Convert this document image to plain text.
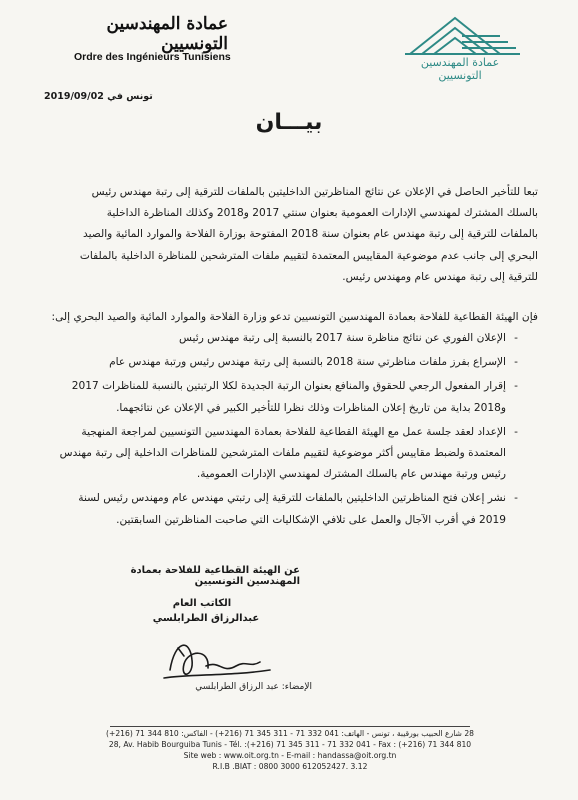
عمادة المهندسين التونسيين
Ordre des Ingénieurs Tunisiens	عمادة المهندسين التونسيين
تونس في 2019/09/02
بيـــان
تبعا للتأخير الحاصل في الإعلان عن نتائج المناظرتين الداخليتين بالملفات للترقية إلى رتبة مهندس رئيس
بالسلك المشترك لمهندسي الإدارات العمومية بعنوان سنتي 2017 و2018 وكذلك المناظرة الداخلية
بالملفات للترقية إلى رتبة مهندس عام بعنوان سنة 2018 المفتوحة بوزارة الفلاحة والموارد المائية والصيد
البحري إلى جانب عدم موضوعية المقاييس المعتمدة لتقييم ملفات المترشحين للمناظرة الداخلية بالملفات
للترقية إلى رتبة مهندس عام ومهندس رئيس.
فإن الهيئة القطاعية للفلاحة بعمادة المهندسين التونسيين تدعو وزارة الفلاحة والموارد المائية والصيد البحري إلى:
-
الإعلان الفوري عن نتائج مناظرة سنة 2017 بالنسبة إلى رتبة مهندس رئيس
-
الإسراع بفرز ملفات مناظرتي سنة 2018 بالنسبة إلى رتبة مهندس رئيس ورتبة مهندس عام
-
إقرار المفعول الرجعي للحقوق والمنافع بعنوان الرتبة الجديدة لكلا الرتبتين بالنسبة للمناظرات 2017
و2018 بداية من تاريخ إعلان المناظرات وذلك نظرا للتأخير الكبير في الإعلان عن نتائجهما.
-
الإعداد لعقد جلسة عمل مع الهيئة القطاعية للفلاحة بعمادة المهندسين التونسيين لمراجعة المنهجية
المعتمدة ولضبط مقاييس أكثر موضوعية لتقييم ملفات المترشحين للمناظرات الداخلية إلى رتبة مهندس
رئيس ورتبة مهندس عام بالسلك المشترك لمهندسي الإدارات العمومية.
-
نشر إعلان فتح المناظرتين الداخليتين بالملفات للترقية إلى رتبتي مهندس عام ومهندس رئيس لسنة
2019 في أقرب الآجال والعمل على تلافي الإشكاليات التي صاحبت المناظرتين السابقتين.
عن الهيئة القطاعية للفلاحة بعمادة المهندسين التونسيين
الكاتب العام
عبدالرزاق الطرابلسي
الإمضاء: عبد الرزاق الطرابلسي
28 شارع الحبيب بورقيبة ، تونس - الهاتف: 041 332 71 - 311 345 71 (216+) - الفاكس: 810 344 71 (216+)
28, Av. Habib Bourguiba Tunis - Tél. :(+216) 71 345 311 - 71 332 041 - Fax : (+216) 71 344 810
Site web : www.oit.org.tn - E-mail : handassa@oit.org.tn
R.I.B .BIAT : 0800 3000 612052427. 3.12
